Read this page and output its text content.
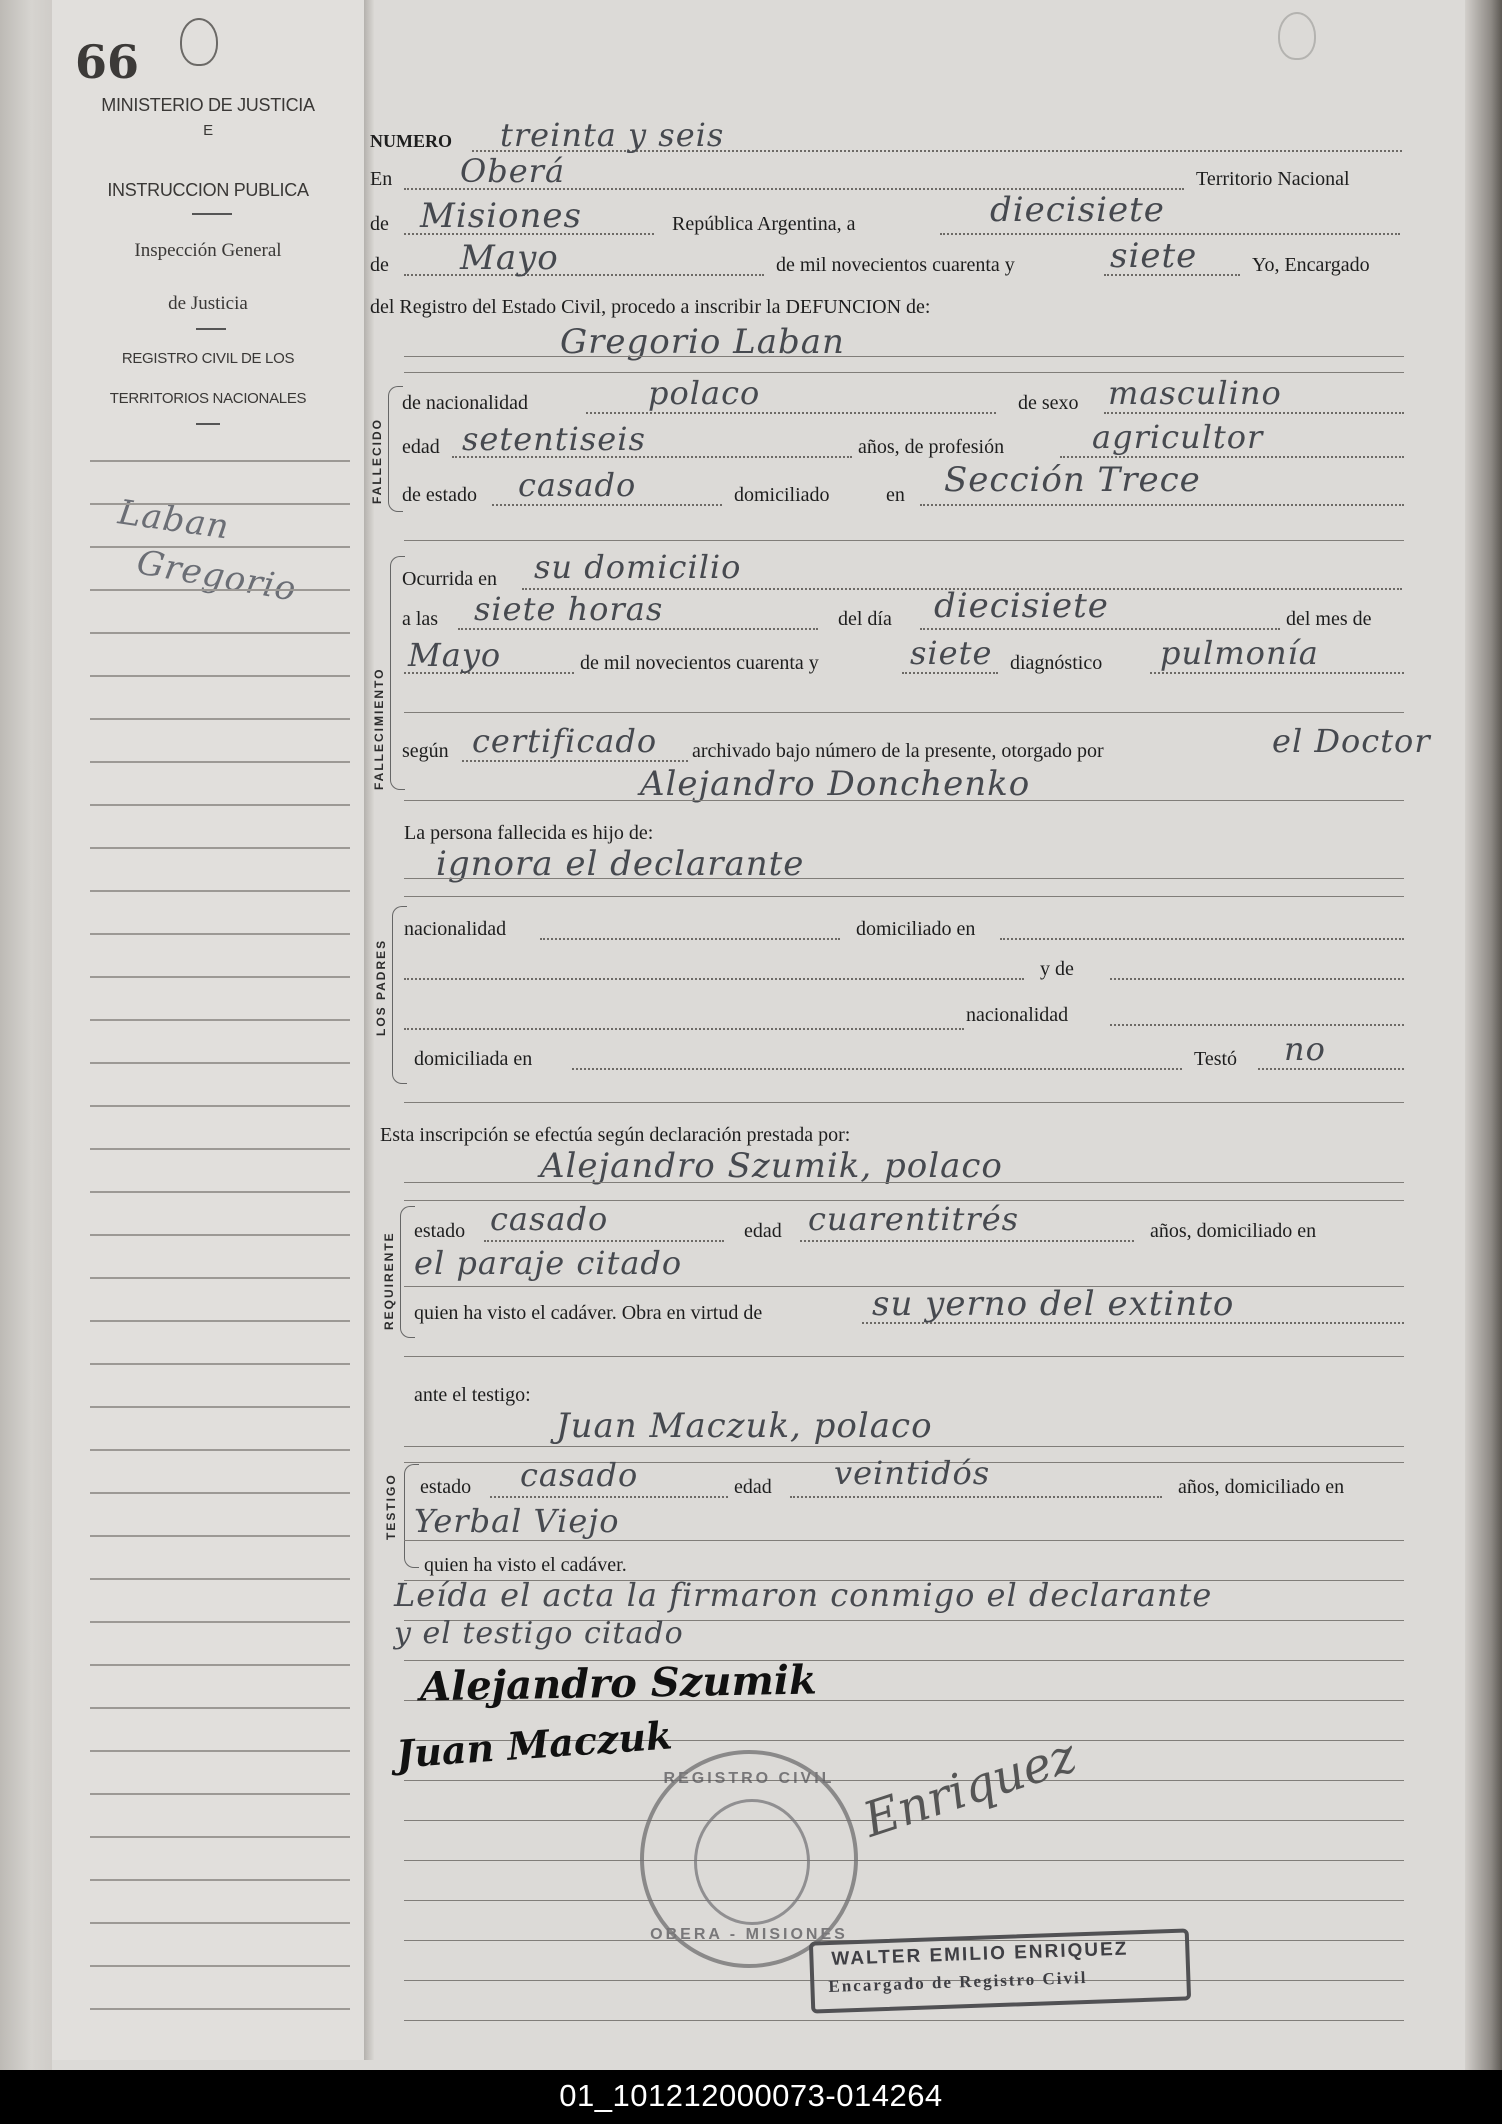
66
MINISTERIO DE JUSTICIA
E
INSTRUCCION PUBLICA
Inspección General
de Justicia
REGISTRO CIVIL DE LOS
TERRITORIOS NACIONALES
Laban
Gregorio
NUMERO treinta y seis
En Oberá	Territorio Nacional
de Misiones	República Argentina, a	diecisiete
de Mayo	de mil novecientos cuarenta y	siete	Yo, Encargado
del Registro del Estado Civil, procedo a inscribir la DEFUNCION de:
Gregorio Laban
FALLECIDO
de nacionalidad	polaco	de sexo masculino
edad setentiseis	años, de profesión	agricultor
de estado casado	domiciliado	en Sección Trece
FALLECIMIENTO
Ocurrida en su domicilio
a las siete horas	del día diecisiete	del mes de
Mayo	de mil novecientos cuarenta y	siete diagnóstico pulmonía
según certificado archivado bajo número de la presente, otorgado por	el Doctor
Alejandro Donchenko
La persona fallecida es hijo de:
ignora el declarante
LOS PADRES
nacionalidad	domiciliado en
y de
nacionalidad
domiciliada en	Testó no
Esta inscripción se efectúa según declaración prestada por:
Alejandro Szumik, polaco
REQUIRENTE
estado casado	edad cuarentitrés	años, domiciliado en
el paraje citado
quien ha visto el cadáver. Obra en virtud de	su yerno del extinto
ante el testigo:
Juan Maczuk, polaco
TESTIGO estado casado	edad veintidós	años, domiciliado en
Yerbal Viejo
quien ha visto el cadáver.
Leída el acta la firmaron conmigo el declarante
y el testigo citado
Alejandro Szumik
Juan Maczuk	Enriquez
REGISTRO CIVIL
OBERA - MISIONES
WALTER EMILIO ENRIQUEZ
Encargado de Registro Civil
01_101212000073-014264
